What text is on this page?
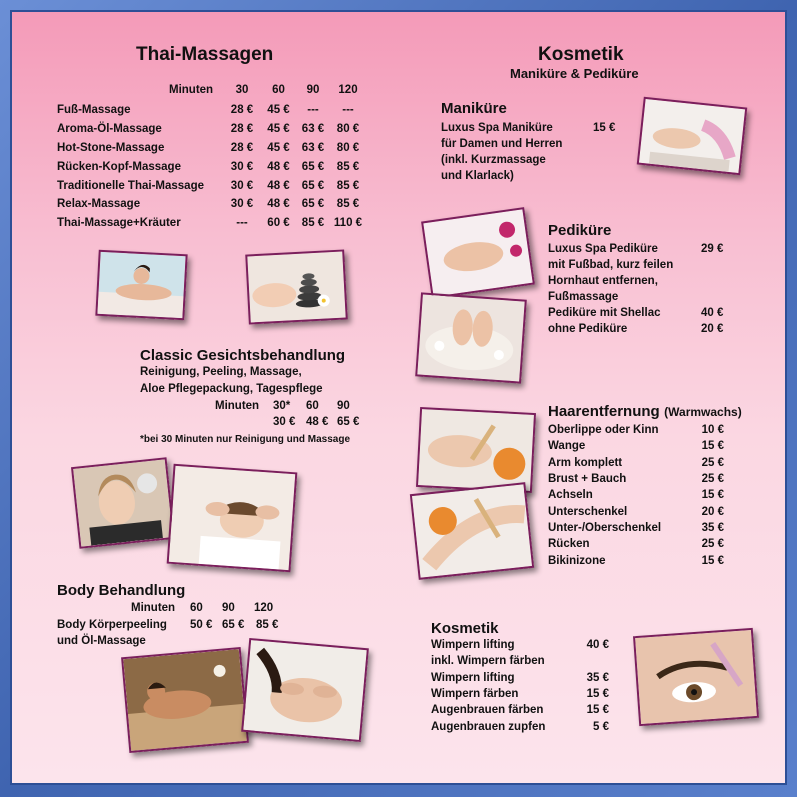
Thai-Massagen
	Minuten	30	60	90	120
Fuß-Massage	28 €	45 €	---	---
Aroma-Öl-Massage	28 €	45 €	63 €	80 €
Hot-Stone-Massage	28 €	45 €	63 €	80 €
Rücken-Kopf-Massage	30 €	48 €	65 €	85 €
Traditionelle Thai-Massage	30 €	48 €	65 €	85 €
Relax-Massage	30 €	48 €	65 €	85 €
Thai-Massage+Kräuter	---	60 €	85 €	110 €
Classic Gesichtsbehandlung
Reinigung, Peeling, Massage,
Aloe Pflegepackung, Tagespflege
Minuten 30* 60 90
30 € 48 € 65 €
*bei 30 Minuten nur Reinigung und Massage
Body Behandlung
Minuten 60 90 120
Body Körperpeeling 50 € 65 € 85 €
und Öl-Massage
Kosmetik
Maniküre & Pediküre
Maniküre
Luxus Spa Maniküre	15 €
für Damen und Herren
(inkl. Kurzmassage
und Klarlack)
Pediküre
Luxus Spa Pediküre	29 €
mit Fußbad, kurz feilen
Hornhaut entfernen,
Fußmassage
Pediküre mit Shellac	40 €
ohne Pediküre	20 €
Haarentfernung (Warmwachs)
Oberlippe oder Kinn	10 €
Wange	15 €
Arm komplett	25 €
Brust + Bauch	25 €
Achseln	15 €
Unterschenkel	20 €
Unter-/Oberschenkel	35 €
Rücken	25 €
Bikinizone	15 €
Kosmetik
Wimpern lifting	40 €
inkl. Wimpern färben	
Wimpern lifting	35 €
Wimpern färben	15 €
Augenbrauen färben	15 €
Augenbrauen zupfen	5 €
